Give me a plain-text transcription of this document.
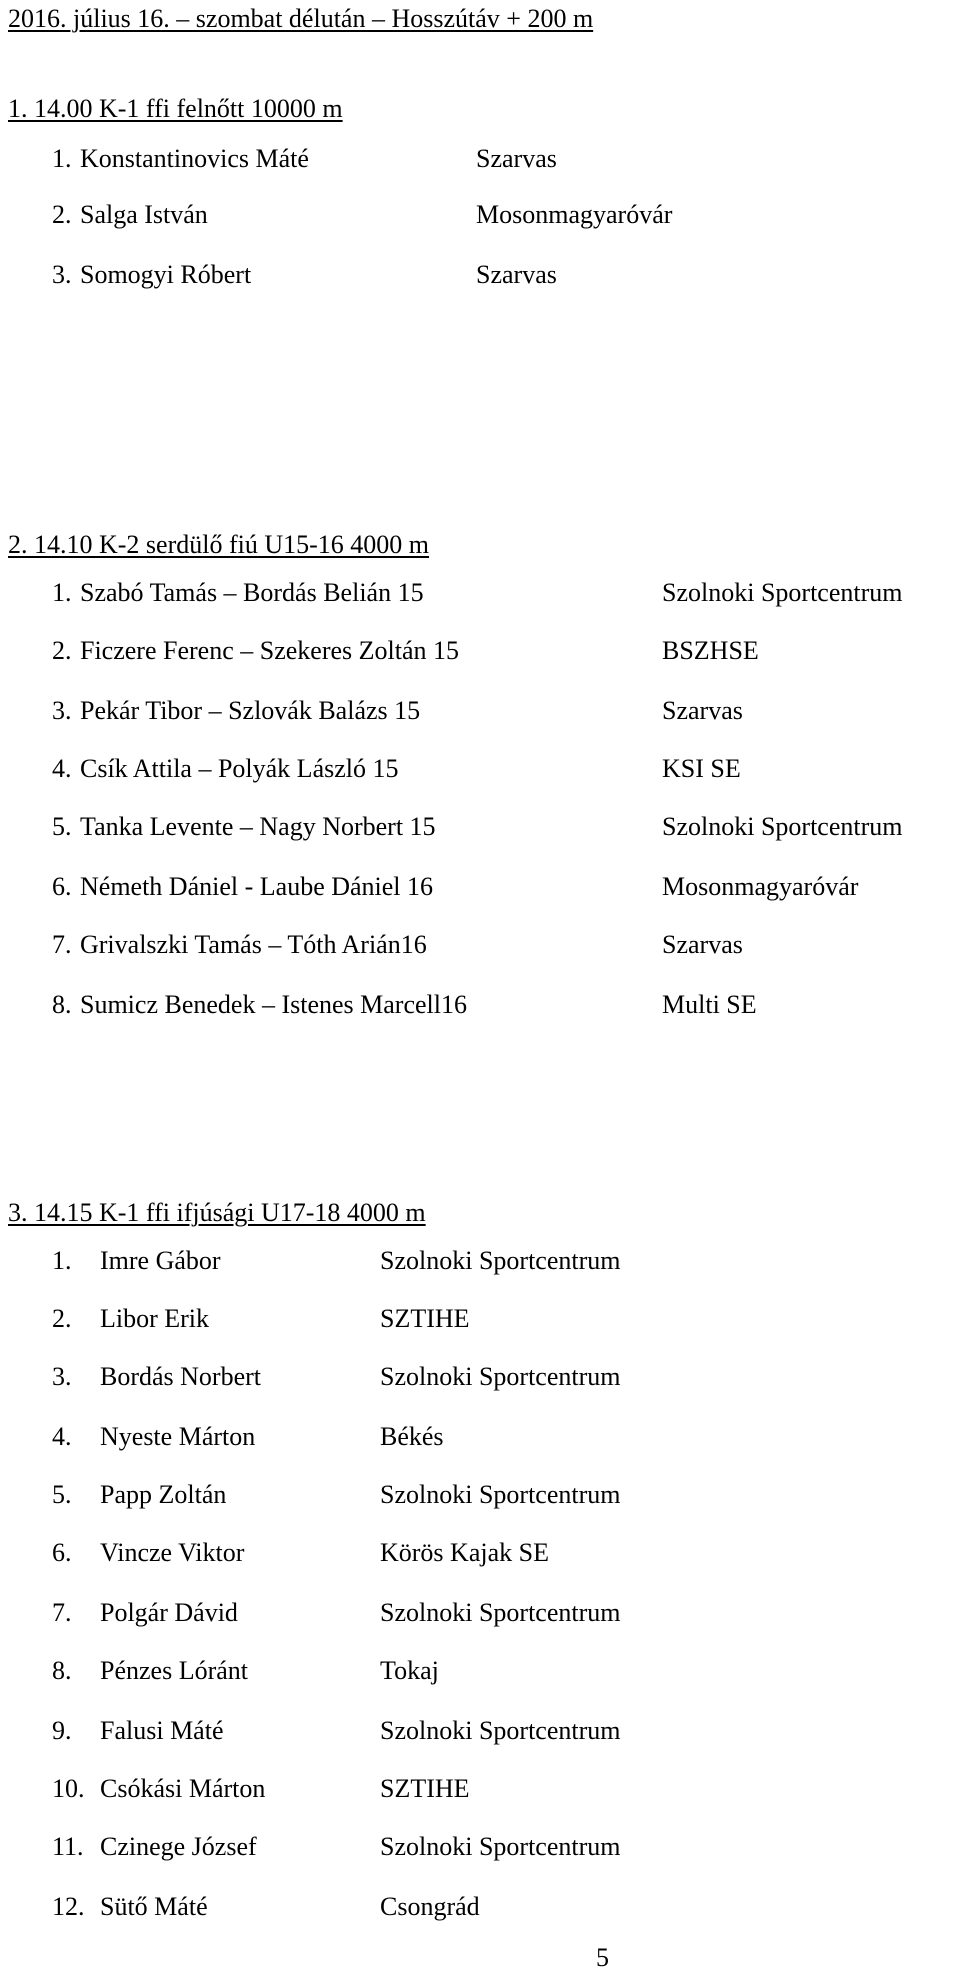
2016. július 16. – szombat délután – Hosszútáv + 200 m
1. 14.00 K-1 ffi felnőtt 10000 m
1. Konstantinovics Máté	Szarvas
2. Salga István	Mosonmagyaróvár
3. Somogyi Róbert	Szarvas
2. 14.10 K-2 serdülő fiú U15-16 4000 m
1. Szabó Tamás – Bordás Belián 15	Szolnoki Sportcentrum
2. Ficzere Ferenc – Szekeres Zoltán 15	BSZHSE
3. Pekár Tibor – Szlovák Balázs 15	Szarvas
4. Csík Attila – Polyák László 15	KSI SE
5. Tanka Levente – Nagy Norbert 15	Szolnoki Sportcentrum
6. Németh Dániel - Laube Dániel 16	Mosonmagyaróvár
7. Grivalszki Tamás – Tóth Arián16	Szarvas
8. Sumicz Benedek – Istenes Marcell16	Multi SE
3. 14.15 K-1 ffi ifjúsági U17-18 4000 m
1. Imre Gábor	Szolnoki Sportcentrum
2. Libor Erik	SZTIHE
3. Bordás Norbert	Szolnoki Sportcentrum
4. Nyeste Márton	Békés
5. Papp Zoltán	Szolnoki Sportcentrum
6. Vincze Viktor	Körös Kajak SE
7. Polgár Dávid	Szolnoki Sportcentrum
8. Pénzes Lóránt	Tokaj
9. Falusi Máté	Szolnoki Sportcentrum
10. Csókási Márton	SZTIHE
11. Czinege József	Szolnoki Sportcentrum
12. Sütő Máté	Csongrád
5
